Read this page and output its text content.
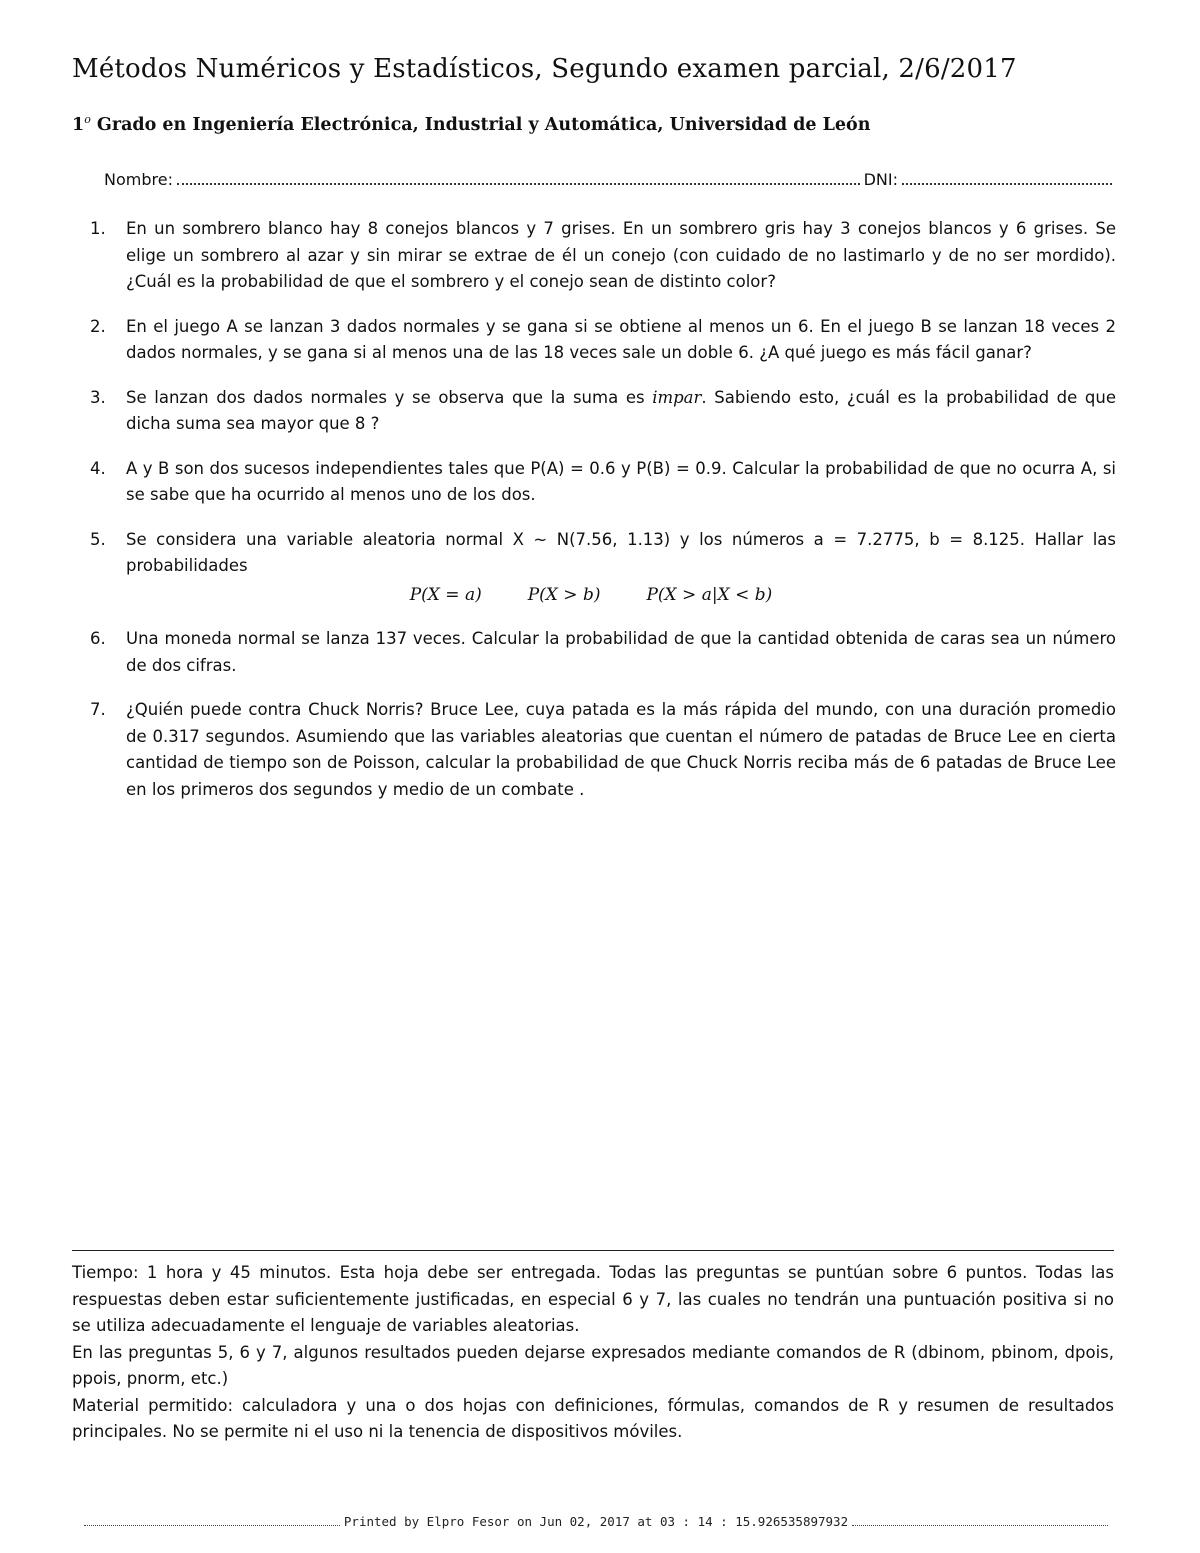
Métodos Numéricos y Estadísticos, Segundo examen parcial, 2/6/2017
1$^o$ Grado en Ingeniería Electrónica, Industrial y Automática, Universidad de León
Nombre:	DNI:
1.	En un sombrero blanco hay 8 conejos blancos y 7 grises. En un sombrero gris hay 3 conejos blancos y 6 grises. Se elige un sombrero al azar y sin mirar se extrae de él un conejo (con cuidado de no lastimarlo y de no ser mordido). ¿Cuál es la probabilidad de que el sombrero y el conejo sean de distinto color?
2.	En el juego A se lanzan 3 dados normales y se gana si se obtiene al menos un 6. En el juego B se lanzan 18 veces 2 dados normales, y se gana si al menos una de las 18 veces sale un doble 6. ¿A qué juego es más fácil ganar?
3.	Se lanzan dos dados normales y se observa que la suma es impar. Sabiendo esto, ¿cuál es la probabilidad de que dicha suma sea mayor que 8 ?
4.	A y B son dos sucesos independientes tales que P(A) = 0.6 y P(B) = 0.9. Calcular la probabilidad de que no ocurra A, si se sabe que ha ocurrido al menos uno de los dos.
5.	Se considera una variable aleatoria normal X ∼ N(7.56, 1.13) y los números a = 7.2775, b = 8.125. Hallar las probabilidades
P(X = a)	P(X > b)	P(X > a|X < b)
6.	Una moneda normal se lanza 137 veces. Calcular la probabilidad de que la cantidad obtenida de caras sea un número de dos cifras.
7.	¿Quién puede contra Chuck Norris? Bruce Lee, cuya patada es la más rápida del mundo, con una duración promedio de 0.317 segundos. Asumiendo que las variables aleatorias que cuentan el número de patadas de Bruce Lee en cierta cantidad de tiempo son de Poisson, calcular la probabilidad de que Chuck Norris reciba más de 6 patadas de Bruce Lee en los primeros dos segundos y medio de un combate .

Tiempo: 1 hora y 45 minutos. Esta hoja debe ser entregada. Todas las preguntas se puntúan sobre 6 puntos. Todas las respuestas deben estar suficientemente justificadas, en especial 6 y 7, las cuales no tendrán una puntuación positiva si no se utiliza adecuadamente el lenguaje de variables aleatorias.

En las preguntas 5, 6 y 7, algunos resultados pueden dejarse expresados mediante comandos de R (dbinom, pbinom, dpois, ppois, pnorm, etc.)

Material permitido: calculadora y una o dos hojas con definiciones, fórmulas, comandos de R y resumen de resultados principales. No se permite ni el uso ni la tenencia de dispositivos móviles.

Printed by Elpro Fesor on Jun 02, 2017 at 03 : 14 : 15.926535897932
